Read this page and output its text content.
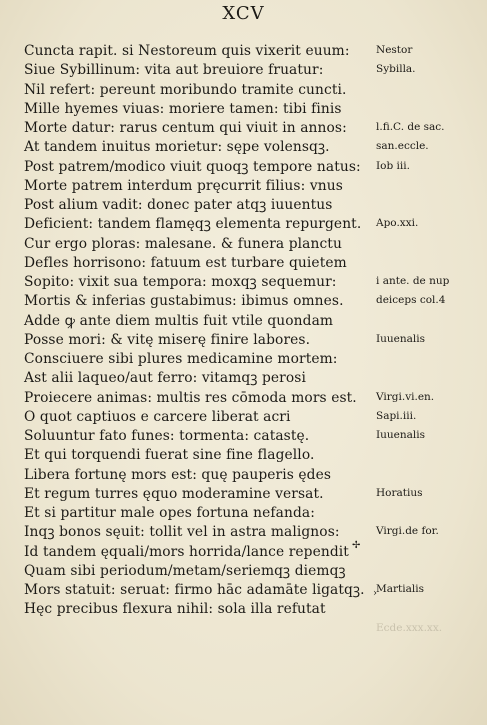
XCV
Cuncta rapit. si Nestoreum quis vixerit euum:
Siue Sybillinum: vita aut breuiore fruatur:
Nil refert: pereunt moribundo tramite cuncti.
Mille hyemes viuas: moriere tamen: tibi finis
Morte datur: rarus centum qui viuit in annos:
At tandem inuitus morietur: sępe volensqꝫ.
Post patrem/modico viuit quoqꝫ tempore natus:
Morte patrem interdum pręcurrit filius: vnus
Post alium vadit: donec pater atqꝫ iuuentus
Deficient: tandem flamęqꝫ elementa repurgent.
Cur ergo ploras: malesane. & funera planctu
Defles horrisono: fatuum est turbare quietem
Sopito: vixit sua tempora: moxqꝫ sequemur:
Mortis & inferias gustabimus: ibimus omnes.
Adde ꝙ ante diem multis fuit vtile quondam
Posse mori: & vitę miserę finire labores.
Consciuere sibi plures medicamine mortem:
Ast alii laqueo/aut ferro: vitamqꝫ perosi
Proiecere animas: multis res cōmoda mors est.
O quot captiuos e carcere liberat acri
Soluuntur fato funes: tormenta: catastę.
Et qui torquendi fuerat sine fine flagello.
Libera fortunę mors est: quę pauperis ędes
Et regum turres ęquo moderamine versat.
Et si partitur male opes fortuna nefanda:
Inqꝫ bonos sęuit: tollit vel in astra malignos:
Id tandem ęquali/mors horrida/lance rependit
Quam sibi periodum/metam/seriemqꝫ diemqꝫ
Mors statuit: seruat: firmo hāc adamāte ligatqꝫ.
Hęc precibus flexura nihil: sola illa refutat
Nestor
Sybilla.
l.fi.C. de sac.
san.eccle.
Iob iii.
Apo.xxi.
i ante. de nup
deiceps col.4
Iuuenalis
Virgi.vi.en.
Sapi.iii.
Iuuenalis
Horatius
Virgi.de for.
Martialis
Ecde.xxx.xx.
✢
›
